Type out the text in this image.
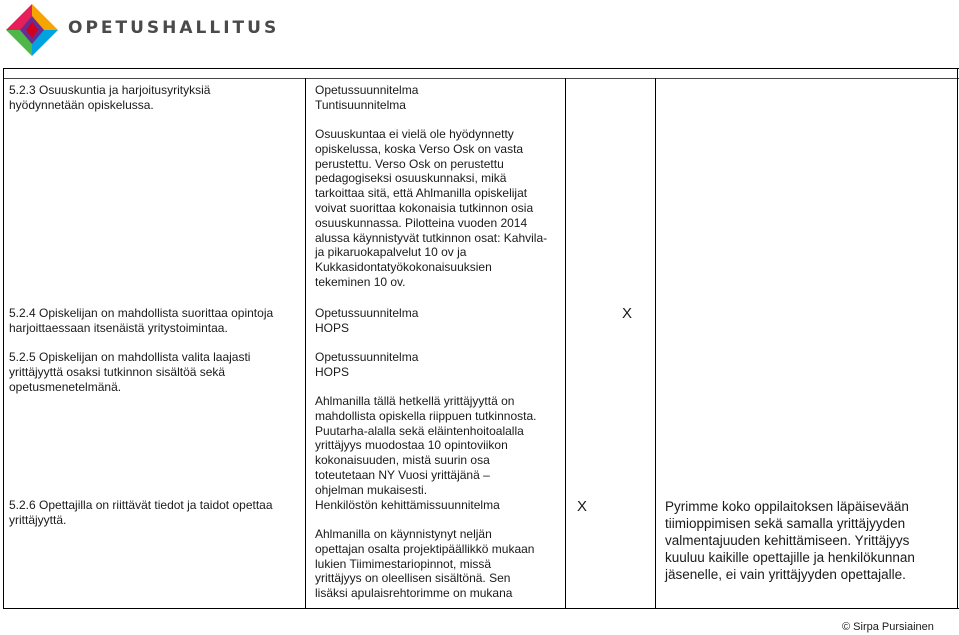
OPETUSHALLITUS
5.2.3 Osuuskuntia ja harjoitusyrityksiä hyödynnetään opiskelussa.
Opetussuunnitelma
Tuntisuunnitelma
Osuuskuntaa ei vielä ole hyödynnetty opiskelussa, koska Verso Osk on vasta perustettu. Verso Osk on perustettu pedagogiseksi osuuskunnaksi, mikä tarkoittaa sitä, että Ahlmanilla opiskelijat voivat suorittaa kokonaisia tutkinnon osia osuuskunnassa. Pilotteina vuoden 2014 alussa käynnistyvät tutkinnon osat: Kahvila-ja pikaruokapalvelut 10 ov ja Kukkasidontatyökokonaisuuksien tekeminen 10 ov.
5.2.4 Opiskelijan on mahdollista suorittaa opintoja harjoittaessaan itsenäistä yritystoimintaa.
Opetussuunnitelma
HOPS
X
5.2.5 Opiskelijan on mahdollista valita laajasti yrittäjyyttä osaksi tutkinnon sisältöä sekä opetusmenetelmänä.
Opetussuunnitelma
HOPS
Ahlmanilla tällä hetkellä yrittäjyyttä on mahdollista opiskella riippuen tutkinnosta. Puutarha-alalla sekä eläintenhoitoalalla yrittäjyys muodostaa 10 opintoviikon kokonaisuuden, mistä suurin osa toteutetaan NY Vuosi yrittäjänä – ohjelman mukaisesti.
5.2.6 Opettajilla on riittävät tiedot ja taidot opettaa yrittäjyyttä.
Henkilöstön kehittämissuunnitelma
Ahlmanilla on käynnistynyt neljän opettajan osalta projektipäällikkö mukaan lukien Tiimimestariopinnot, missä yrittäjyys on oleellisen sisältönä. Sen lisäksi apulaisrehtorimme on mukana
X	Pyrimme koko oppilaitoksen läpäisevään tiimioppimisen sekä samalla yrittäjyyden valmentajuuden kehittämiseen. Yrittäjyys kuuluu kaikille opettajille ja henkilökunnan jäsenelle, ei vain yrittäjyyden opettajalle.
© Sirpa Pursiainen
